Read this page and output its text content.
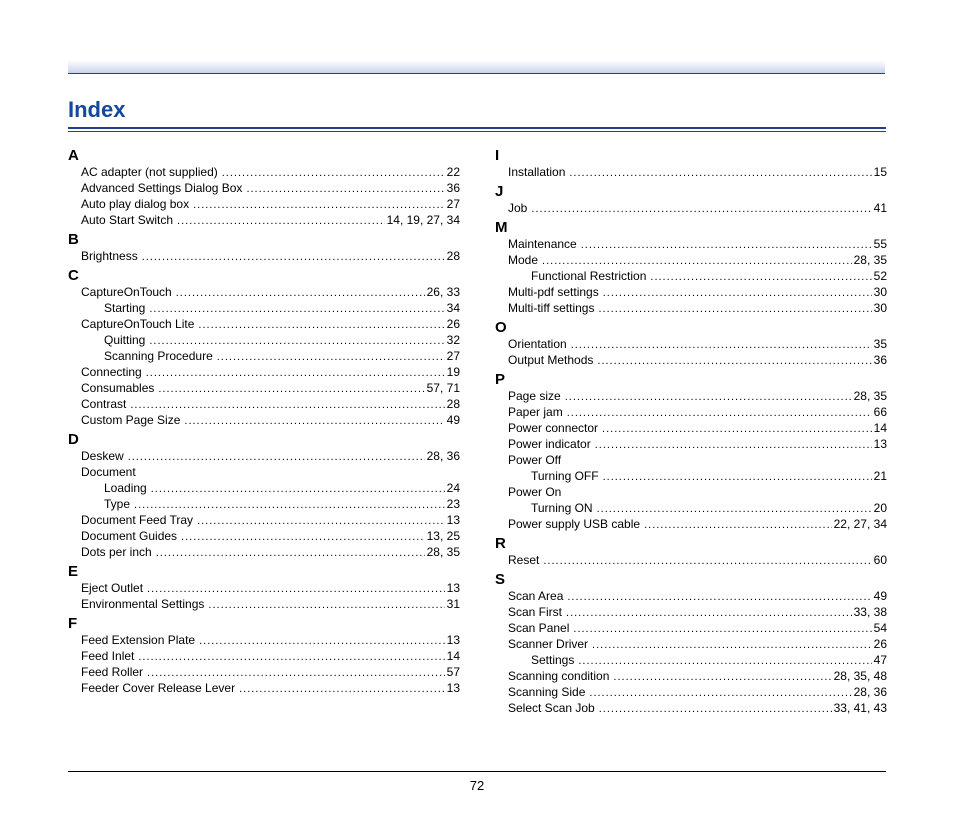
Index
A
AC adapter (not supplied) .....	22
Advanced Settings Dialog Box .....	36
Auto play dialog box .....	27
Auto Start Switch .....	14, 19, 27, 34
B
Brightness .....	28
C
CaptureOnTouch .....	26, 33
Starting .....	34
CaptureOnTouch Lite .....	26
Quitting .....	32
Scanning Procedure .....	27
Connecting .....	19
Consumables .....	57, 71
Contrast .....	28
Custom Page Size .....	49
D
Deskew .....	28, 36
Document
Loading .....	24
Type .....	23
Document Feed Tray .....	13
Document Guides .....	13, 25
Dots per inch .....	28, 35
E
Eject Outlet .....	13
Environmental Settings .....	31
F
Feed Extension Plate .....	13
Feed Inlet .....	14
Feed Roller .....	57
Feeder Cover Release Lever .....	13
I
Installation .....	15
J
Job .....	41
M
Maintenance .....	55
Mode .....	28, 35
Functional Restriction .....	52
Multi-pdf settings .....	30
Multi-tiff settings .....	30
O
Orientation .....	35
Output Methods .....	36
P
Page size .....	28, 35
Paper jam .....	66
Power connector .....	14
Power indicator .....	13
Power Off
Turning OFF .....	21
Power On
Turning ON .....	20
Power supply USB cable .....	22, 27, 34
R
Reset .....	60
S
Scan Area .....	49
Scan First .....	33, 38
Scan Panel .....	54
Scanner Driver .....	26
Settings .....	47
Scanning condition .....	28, 35, 48
Scanning Side .....	28, 36
Select Scan Job .....	33, 41, 43
72
